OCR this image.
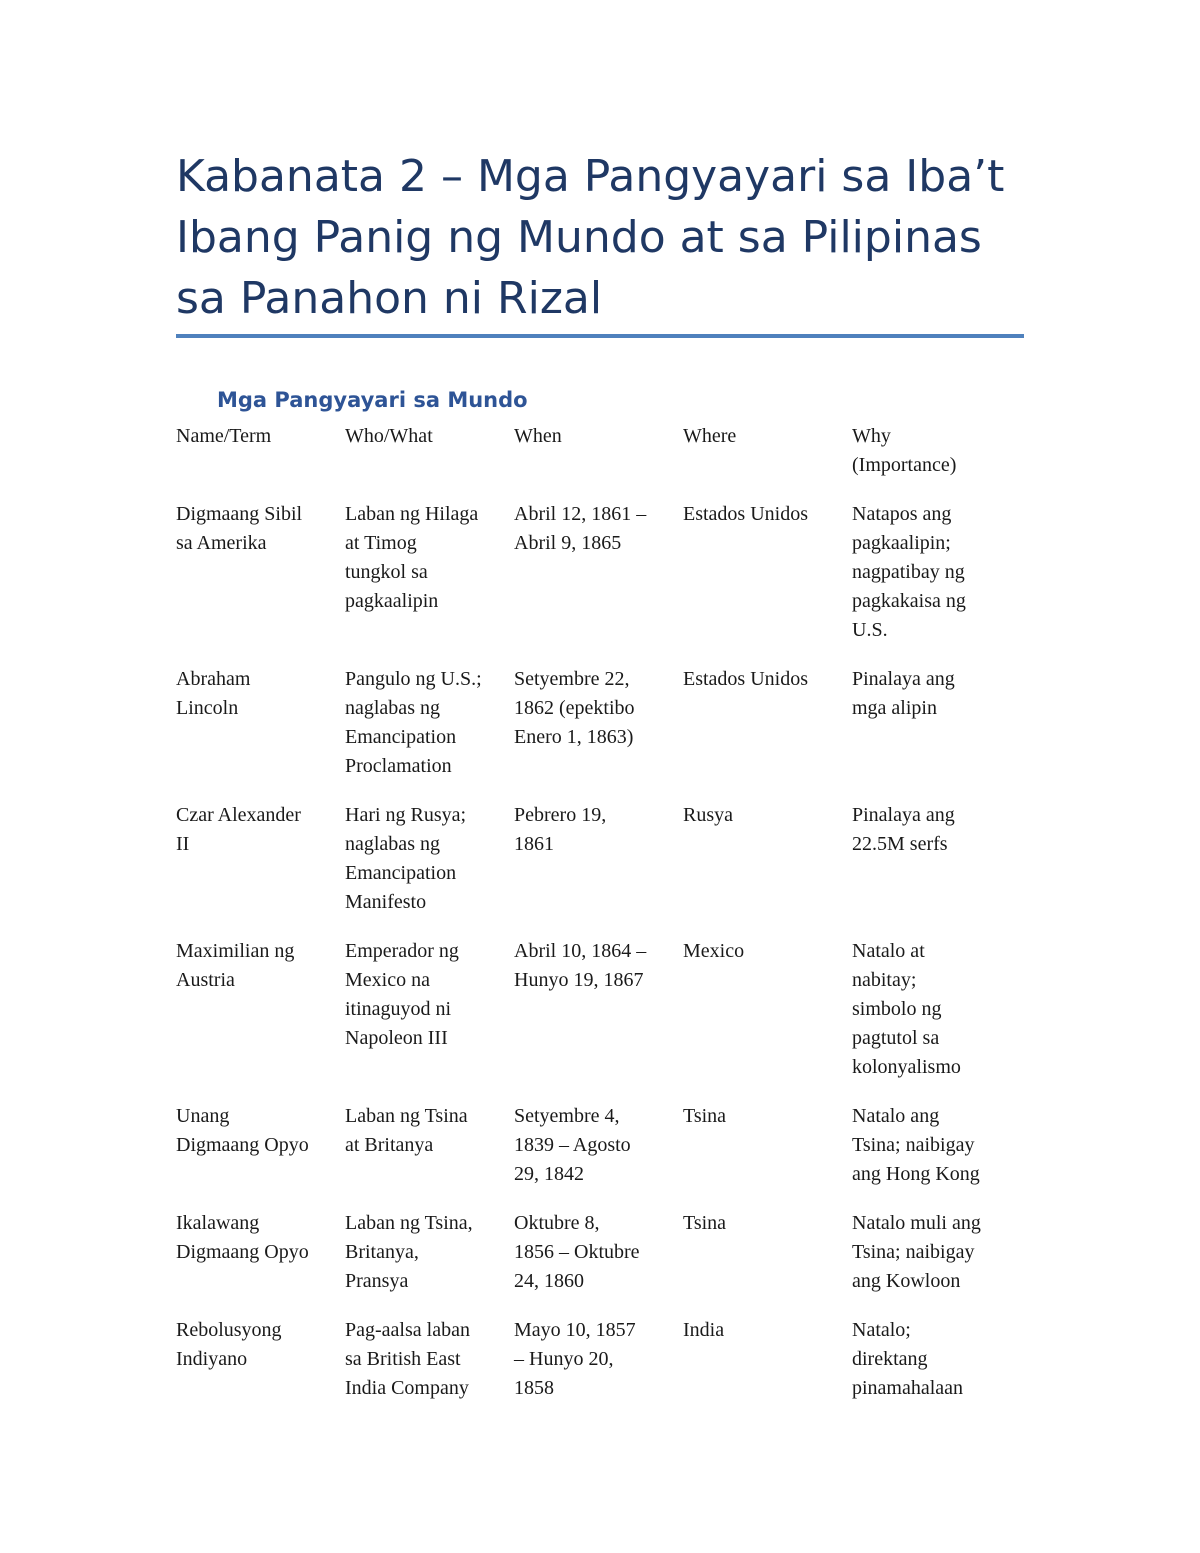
Kabanata 2 – Mga Pangyayari sa Iba’t Ibang Panig ng Mundo at sa Pilipinas sa Panahon ni Rizal
Mga Pangyayari sa Mundo
Name/Term	Who/What	When	Where	Why
(Importance)

Digmaang Sibil
sa Amerika	Laban ng Hilaga
at Timog
tungkol sa
pagkaalipin	Abril 12, 1861 –
Abril 9, 1865	Estados Unidos	Natapos ang
pagkaalipin;
nagpatibay ng
pagkakaisa ng
U.S.

Abraham
Lincoln	Pangulo ng U.S.;
naglabas ng
Emancipation
Proclamation	Setyembre 22,
1862 (epektibo
Enero 1, 1863)	Estados Unidos	Pinalaya ang
mga alipin

Czar Alexander
II	Hari ng Rusya;
naglabas ng
Emancipation
Manifesto	Pebrero 19,
1861	Rusya	Pinalaya ang
22.5M serfs

Maximilian ng
Austria	Emperador ng
Mexico na
itinaguyod ni
Napoleon III	Abril 10, 1864 –
Hunyo 19, 1867	Mexico	Natalo at
nabitay;
simbolo ng
pagtutol sa
kolonyalismo

Unang
Digmaang Opyo	Laban ng Tsina
at Britanya	Setyembre 4,
1839 – Agosto
29, 1842	Tsina	Natalo ang
Tsina; naibigay
ang Hong Kong

Ikalawang
Digmaang Opyo	Laban ng Tsina,
Britanya,
Pransya	Oktubre 8,
1856 – Oktubre
24, 1860	Tsina	Natalo muli ang
Tsina; naibigay
ang Kowloon

Rebolusyong
Indiyano	Pag-aalsa laban
sa British East
India Company	Mayo 10, 1857
– Hunyo 20,
1858	India	Natalo;
direktang
pinamahalaan
